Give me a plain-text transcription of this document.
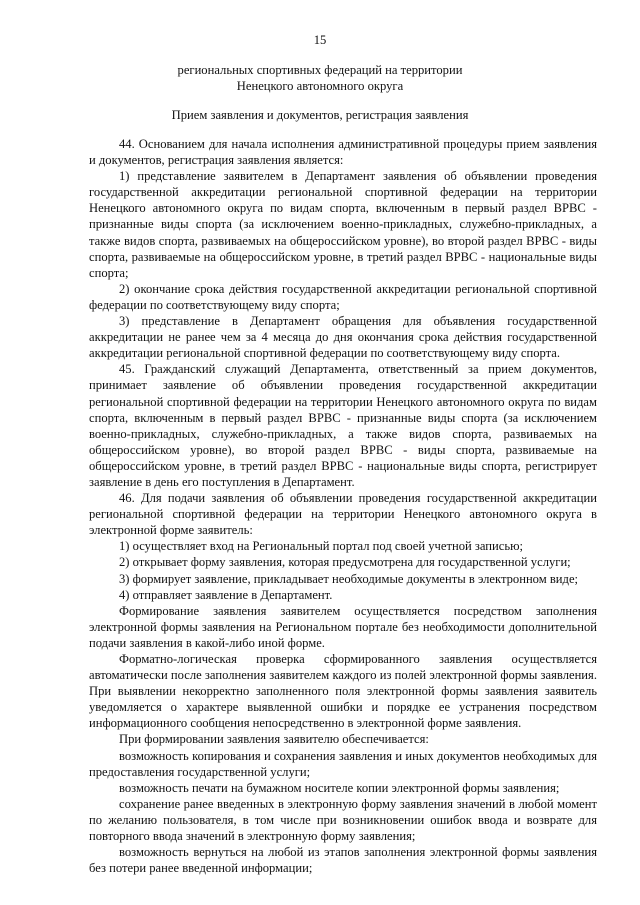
15
региональных спортивных федераций на территории
Ненецкого автономного округа
Прием заявления и документов, регистрация заявления

44. Основанием для начала исполнения административной процедуры прием заявления и документов, регистрация заявления является:

1) представление заявителем в Департамент заявления об объявлении проведения государственной аккредитации региональной спортивной федерации на территории Ненецкого автономного округа по видам спорта, включенным в первый раздел ВРВС - признанные виды спорта (за исключением военно-прикладных, служебно-прикладных, а также видов спорта, развиваемых на общероссийском уровне), во второй раздел ВРВС - виды спорта, развиваемые на общероссийском уровне, в третий раздел ВРВС - национальные виды спорта;

2) окончание срока действия государственной аккредитации региональной спортивной федерации по соответствующему виду спорта;

3) представление в Департамент обращения для объявления государственной аккредитации не ранее чем за 4 месяца до дня окончания срока действия государственной аккредитации региональной спортивной федерации по соответствующему виду спорта.

45. Гражданский служащий Департамента, ответственный за прием документов, принимает заявление об объявлении проведения государственной аккредитации региональной спортивной федерации на территории Ненецкого автономного округа по видам спорта, включенным в первый раздел ВРВС - признанные виды спорта (за исключением военно-прикладных, служебно-прикладных, а также видов спорта, развиваемых на общероссийском уровне), во второй раздел ВРВС - виды спорта, развиваемые на общероссийском уровне, в третий раздел ВРВС - национальные виды спорта, регистрирует заявление в день его поступления в Департамент.

46. Для подачи заявления об объявлении проведения государственной аккредитации региональной спортивной федерации на территории Ненецкого автономного округа в электронной форме заявитель:

1) осуществляет вход на Региональный портал под своей учетной записью;

2) открывает форму заявления, которая предусмотрена для государственной услуги;

3) формирует заявление, прикладывает необходимые документы в электронном виде;

4) отправляет заявление в Департамент.

Формирование заявления заявителем осуществляется посредством заполнения электронной формы заявления на Региональном портале без необходимости дополнительной подачи заявления в какой-либо иной форме.

Форматно-логическая проверка сформированного заявления осуществляется автоматически после заполнения заявителем каждого из полей электронной формы заявления. При выявлении некорректно заполненного поля электронной формы заявления заявитель уведомляется о характере выявленной ошибки и порядке ее устранения посредством информационного сообщения непосредственно в электронной форме заявления.

При формировании заявления заявителю обеспечивается:

возможность копирования и сохранения заявления и иных документов необходимых для предоставления государственной услуги;

возможность печати на бумажном носителе копии электронной формы заявления;

сохранение ранее введенных в электронную форму заявления значений в любой момент по желанию пользователя, в том числе при возникновении ошибок ввода и возврате для повторного ввода значений в электронную форму заявления;

возможность вернуться на любой из этапов заполнения электронной формы заявления без потери ранее введенной информации;
